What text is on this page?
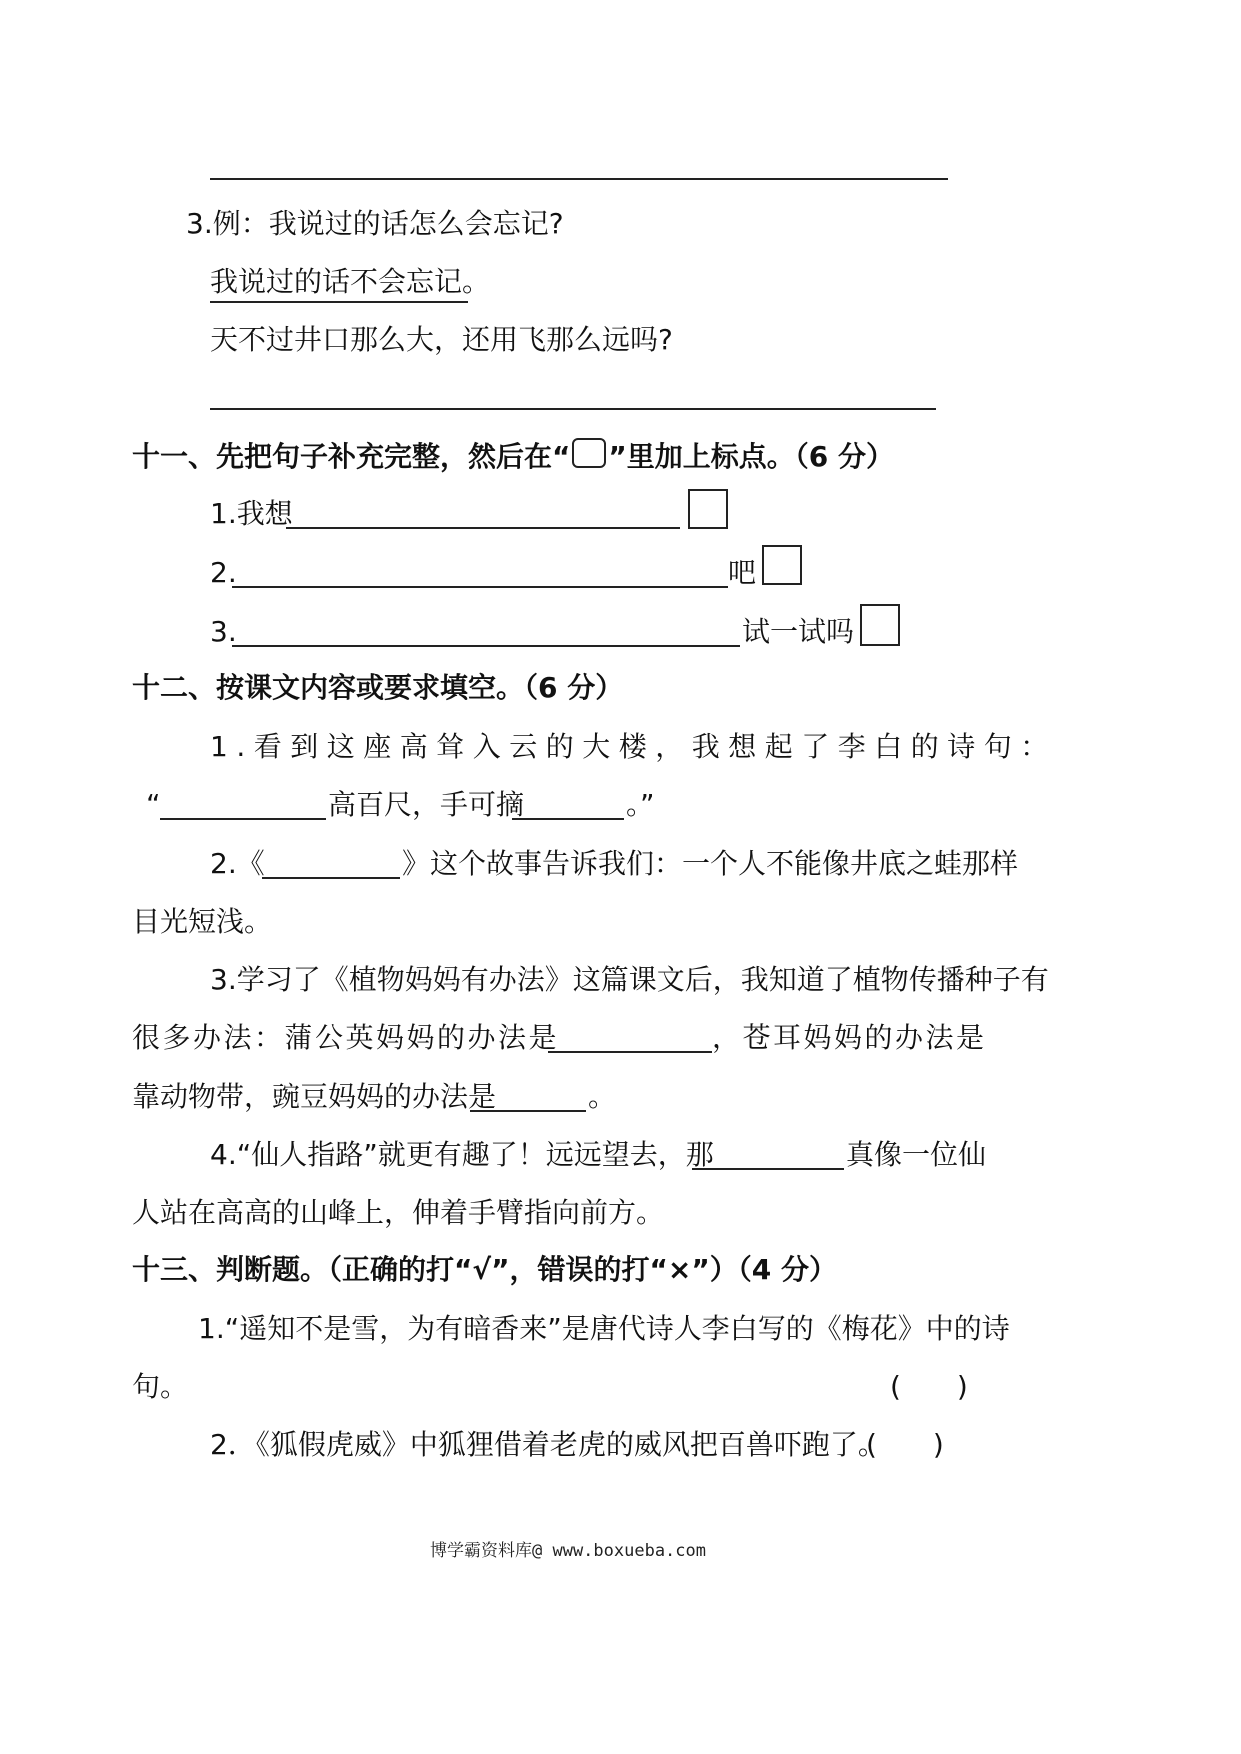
3.例：我说过的话怎么会忘记?
我说过的话不会忘记。
天不过井口那么大，还用飞那么远吗?
十一、先把句子补充完整，然后在“ ”里加上标点。（6 分）
1.我想
2.	吧
3.	试一试吗
十二、按课文内容或要求填空。（6 分）
1.看到这座高耸入云的大楼，我想起了李白的诗句：
“	高百尺，手可摘	。”
2.《	》这个故事告诉我们：一个人不能像井底之蛙那样
目光短浅。
3.学习了《植物妈妈有办法》这篇课文后，我知道了植物传播种子有
很多办法：蒲公英妈妈的办法是	，苍耳妈妈的办法是
靠动物带，豌豆妈妈的办法是	。
4.“仙人指路”就更有趣了！远远望去，那	真像一位仙
人站在高高的山峰上，伸着手臂指向前方。
十三、判断题。（正确的打“√”，错误的打“×”）（4 分）
1.“遥知不是雪，为有暗香来”是唐代诗人李白写的《梅花》中的诗
句。	(　　)
2．《狐假虎威》中狐狸借着老虎的威风把百兽吓跑了。
(　　)
博学霸资料库@ www.boxueba.com
